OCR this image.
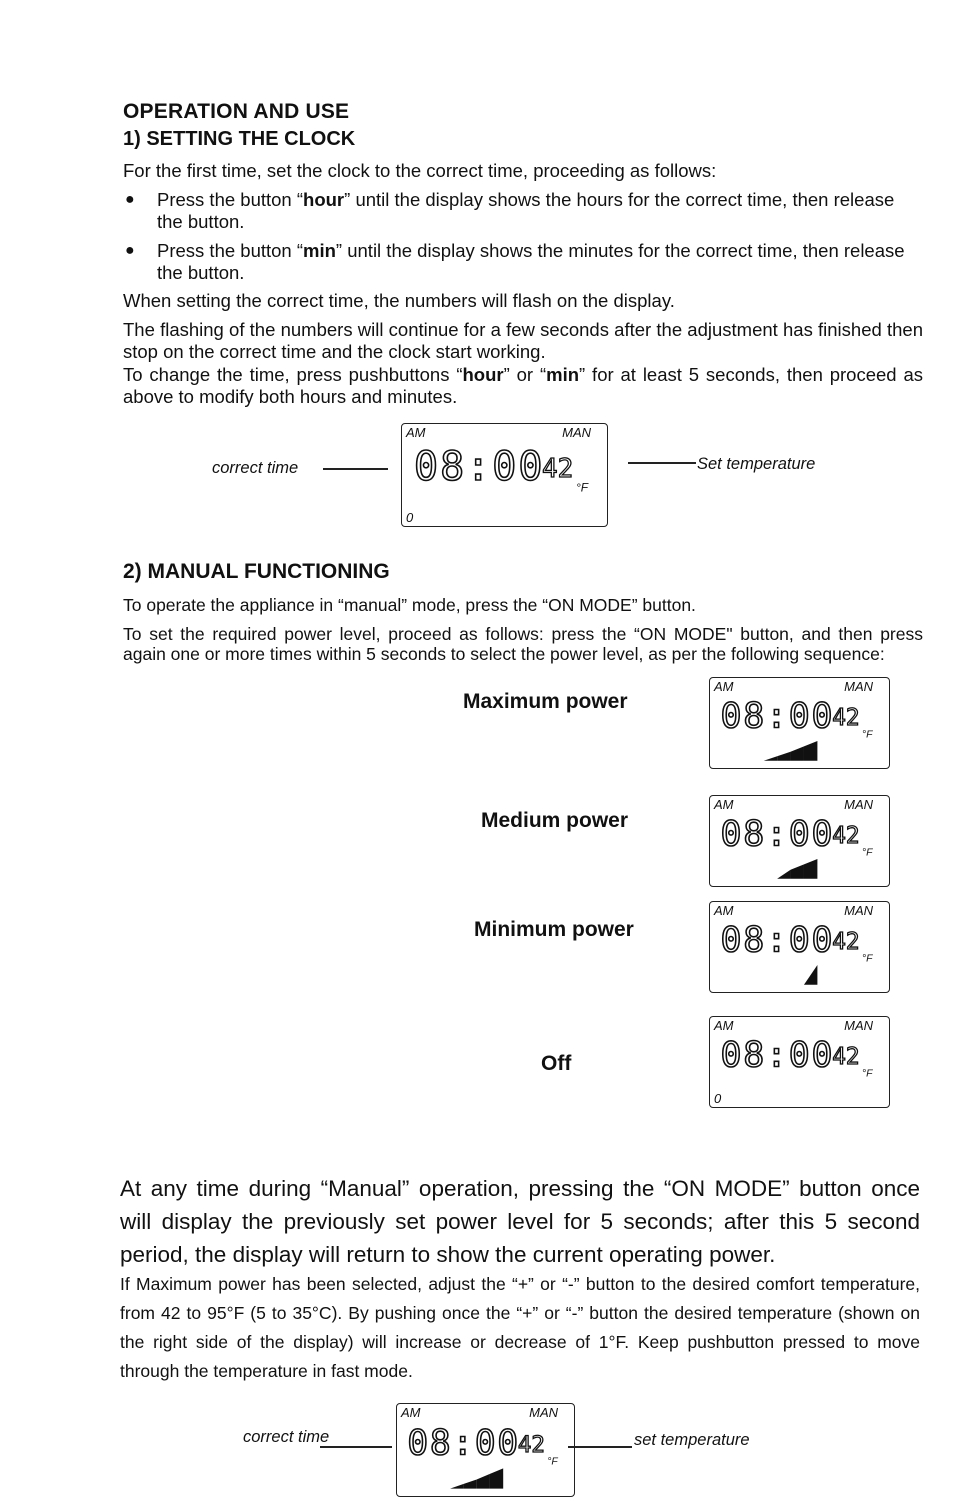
OPERATION AND USE
1) SETTING THE CLOCK
For the first time, set the clock to the correct time, proceeding as follows:
● Press the button “hour” until the display shows the hours for the correct time, then release the button.
● Press the button “min” until the display shows the minutes for the correct time, then release the button.
When setting the correct time, the numbers will flash on the display.
The flashing of the numbers will continue for a few seconds after the adjustment has finished then stop on the correct time and the clock start working.
To change the time, press pushbuttons “hour” or “min” for at least 5 seconds, then proceed as above to modify both hours and minutes.
correct time	Set temperature
AM	MAN
08:00
42
°F
0
2) MANUAL FUNCTIONING
To operate the appliance in “manual” mode, press the “ON MODE” button.
To set the required power level, proceed as follows: press the “ON MODE" button, and then press again one or more times within 5 seconds to select the power level, as per the following sequence:
Maximum power
Medium power
Minimum power
Off
AM	MAN
08:00
42
°F
AM	MAN
08:00
42
°F
AM	MAN
08:00
42
°F
AM	MAN
08:00
42
°F
0
At any time during “Manual” operation, pressing the “ON MODE” button once will display the previously set power level for 5 seconds; after this 5 second period, the display will return to show the current operating power.
If Maximum power has been selected, adjust the “+” or “-” button to the desired comfort temperature, from 42 to 95°F (5 to 35°C). By pushing once the “+” or “-” button the desired temperature (shown on the right side of the display) will increase or decrease of 1°F. Keep pushbutton pressed to move through the temperature in fast mode.
correct time	set temperature
AM	MAN
08:00
42
°F
